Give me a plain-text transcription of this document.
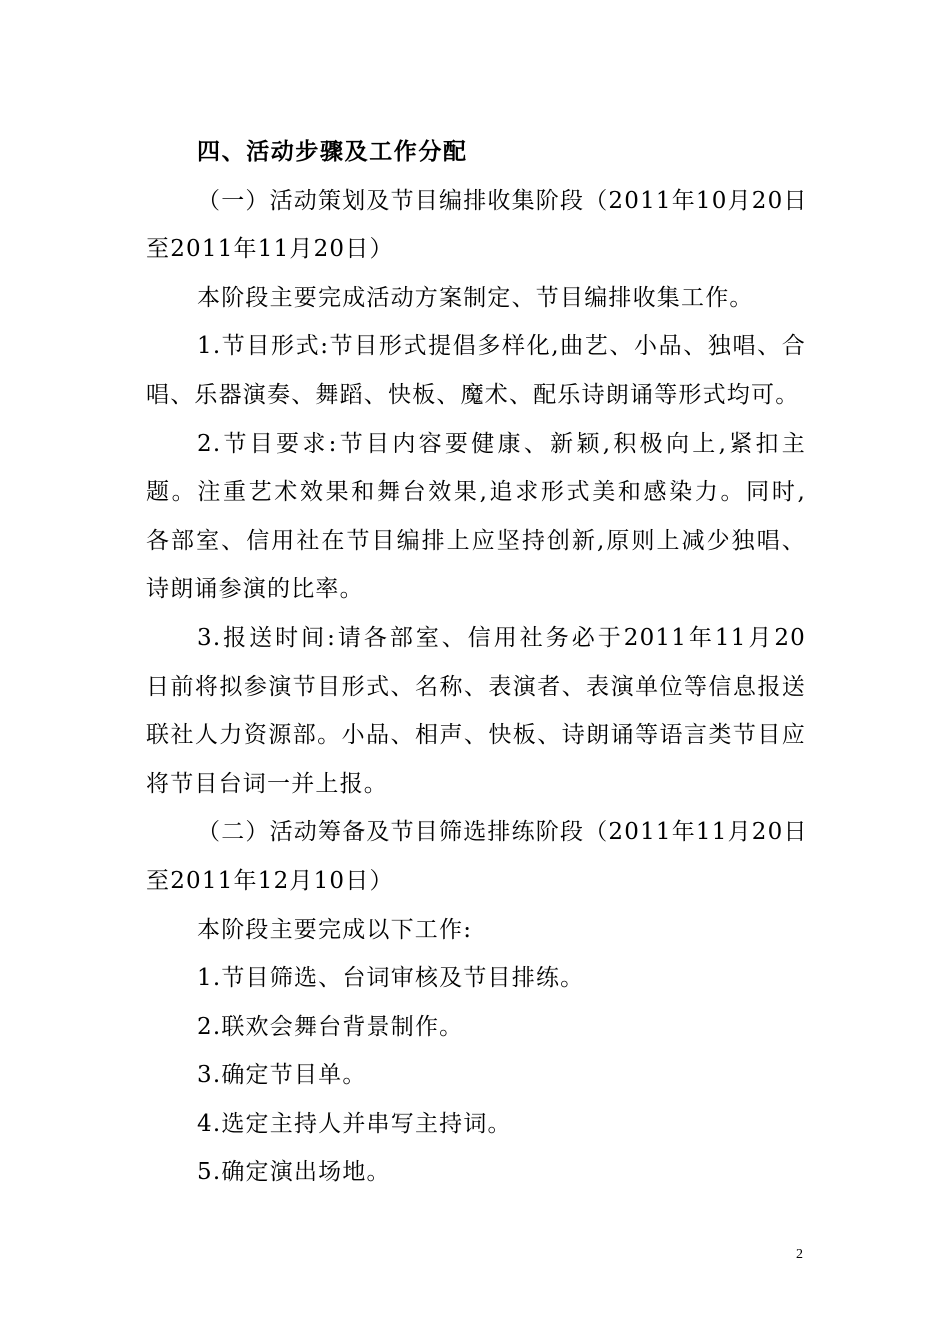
四、活动步骤及工作分配
（一）活动策划及节目编排收集阶段（2011年10月20日
至2011年11月20日）
本阶段主要完成活动方案制定、节目编排收集工作。
1.节目形式:节目形式提倡多样化,曲艺、小品、独唱、合
唱、乐器演奏、舞蹈、快板、魔术、配乐诗朗诵等形式均可。
2.节目要求:节目内容要健康、新颖,积极向上,紧扣主
题。注重艺术效果和舞台效果,追求形式美和感染力。同时,
各部室、信用社在节目编排上应坚持创新,原则上减少独唱、
诗朗诵参演的比率。
3.报送时间:请各部室、信用社务必于2011年11月20
日前将拟参演节目形式、名称、表演者、表演单位等信息报送
联社人力资源部。小品、相声、快板、诗朗诵等语言类节目应
将节目台词一并上报。
（二）活动筹备及节目筛选排练阶段（2011年11月20日
至2011年12月10日）
本阶段主要完成以下工作:
1.节目筛选、台词审核及节目排练。
2.联欢会舞台背景制作。
3.确定节目单。
4.选定主持人并串写主持词。
5.确定演出场地。
2
